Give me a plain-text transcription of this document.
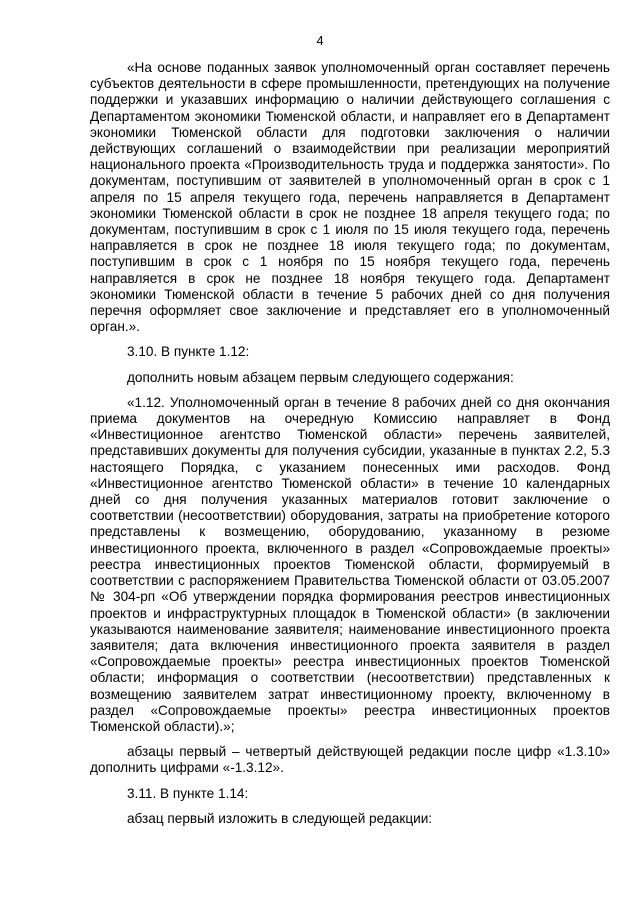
4

«На основе поданных заявок уполномоченный орган составляет перечень субъектов деятельности в сфере промышленности, претендующих на получение поддержки и указавших информацию о наличии действующего соглашения с Департаментом экономики Тюменской области, и направляет его в Департамент экономики Тюменской области для подготовки заключения о наличии действующих соглашений о взаимодействии при реализации мероприятий национального проекта «Производительность труда и поддержка занятости». По документам, поступившим от заявителей в уполномоченный орган в срок с 1 апреля по 15 апреля текущего года, перечень направляется в Департамент экономики Тюменской области в срок не позднее 18 апреля текущего года; по документам, поступившим в срок с 1 июля по 15 июля текущего года, перечень направляется в срок не позднее 18 июля текущего года; по документам, поступившим в срок с 1 ноября по 15 ноября текущего года, перечень направляется в срок не позднее 18 ноября текущего года. Департамент экономики Тюменской области в течение 5 рабочих дней со дня получения перечня оформляет свое заключение и представляет его в уполномоченный орган.».

3.10. В пункте 1.12:

дополнить новым абзацем первым следующего содержания:

«1.12. Уполномоченный орган в течение 8 рабочих дней со дня окончания приема документов на очередную Комиссию направляет в Фонд «Инвестиционное агентство Тюменской области» перечень заявителей, представивших документы для получения субсидии, указанные в пунктах 2.2, 5.3 настоящего Порядка, с указанием понесенных ими расходов. Фонд «Инвестиционное агентство Тюменской области» в течение 10 календарных дней со дня получения указанных материалов готовит заключение о соответствии (несоответствии) оборудования, затраты на приобретение которого представлены к возмещению, оборудованию, указанному в резюме инвестиционного проекта, включенного в раздел «Сопровождаемые проекты» реестра инвестиционных проектов Тюменской области, формируемый в соответствии с распоряжением Правительства Тюменской области от 03.05.2007 № 304-рп «Об утверждении порядка формирования реестров инвестиционных проектов и инфраструктурных площадок в Тюменской области» (в заключении указываются наименование заявителя; наименование инвестиционного проекта заявителя; дата включения инвестиционного проекта заявителя в раздел «Сопровождаемые проекты» реестра инвестиционных проектов Тюменской области; информация о соответствии (несоответствии) представленных к возмещению заявителем затрат инвестиционному проекту, включенному в раздел «Сопровождаемые проекты» реестра инвестиционных проектов Тюменской области).»;

абзацы первый – четвертый действующей редакции после цифр «1.3.10» дополнить цифрами «-1.3.12».

3.11. В пункте 1.14:

абзац первый изложить в следующей редакции:
